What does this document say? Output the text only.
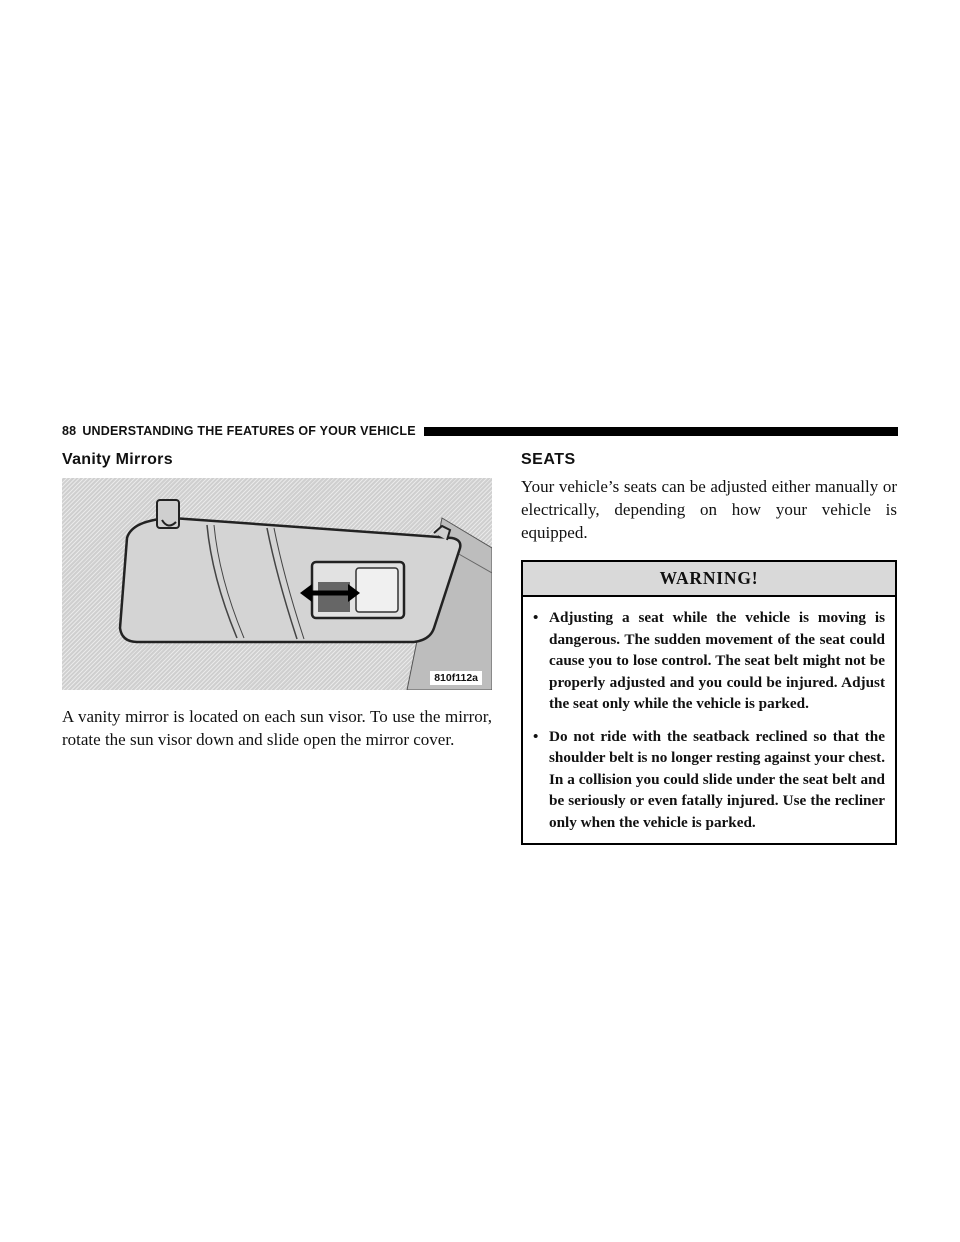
88 UNDERSTANDING THE FEATURES OF YOUR VEHICLE
Vanity Mirrors
810f112a

A vanity mirror is located on each sun visor. To use the mirror, rotate the sun visor down and slide open the mirror cover.

SEATS

Your vehicle’s seats can be adjusted either manually or electrically, depending on how your vehicle is equipped.

WARNING!
• Adjusting a seat while the vehicle is moving is dangerous. The sudden movement of the seat could cause you to lose control. The seat belt might not be properly adjusted and you could be injured. Adjust the seat only while the vehicle is parked.
• Do not ride with the seatback reclined so that the shoulder belt is no longer resting against your chest. In a collision you could slide under the seat belt and be seriously or even fatally injured. Use the recliner only when the vehicle is parked.
